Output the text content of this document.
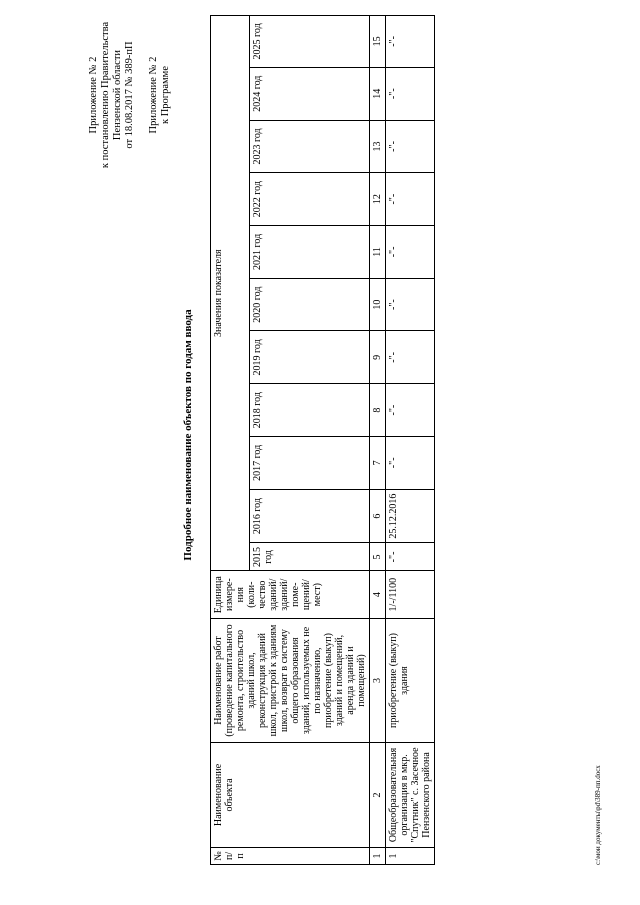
Приложение № 2 к постановлению Правительства Пензенской области от 18.08.2017 № 389-пП Приложение № 2 к Программе
Подробное наименование объектов по годам ввода
№ п/п	Наименование объекта	Наименование работ (проведение капитального ремонта, строительство зданий школ, реконструкция зданий школ, пристрой к зданиям школ, возврат в систему общего образования зданий, используемых не по назначению, приобретение (выкуп) зданий и помещений, аренда зданий и помещений)	Единица измере-ния (коли-чество зданий/ зданий/ поме-щений/ мест)	Значения показателя										
				2015 год	2016 год	2017 год	2018 год	2019 год	2020 год	2021 год	2022 год	2023 год	2024 год	2025 год
1	2	3	4	5	6	7	8	9	10	11	12	13	14	15
1	Общеобразовательная организация в мкр. "Спутник" с. Засечное Пензенского района	приобретение (выкуп) здания	1/-/1100	-"-	25.12.2016	-"-	-"-	-"-	-"-	-"-	-"-	-"-	-"-	-"-
c:\мои документы\pd\389-пп.docx
